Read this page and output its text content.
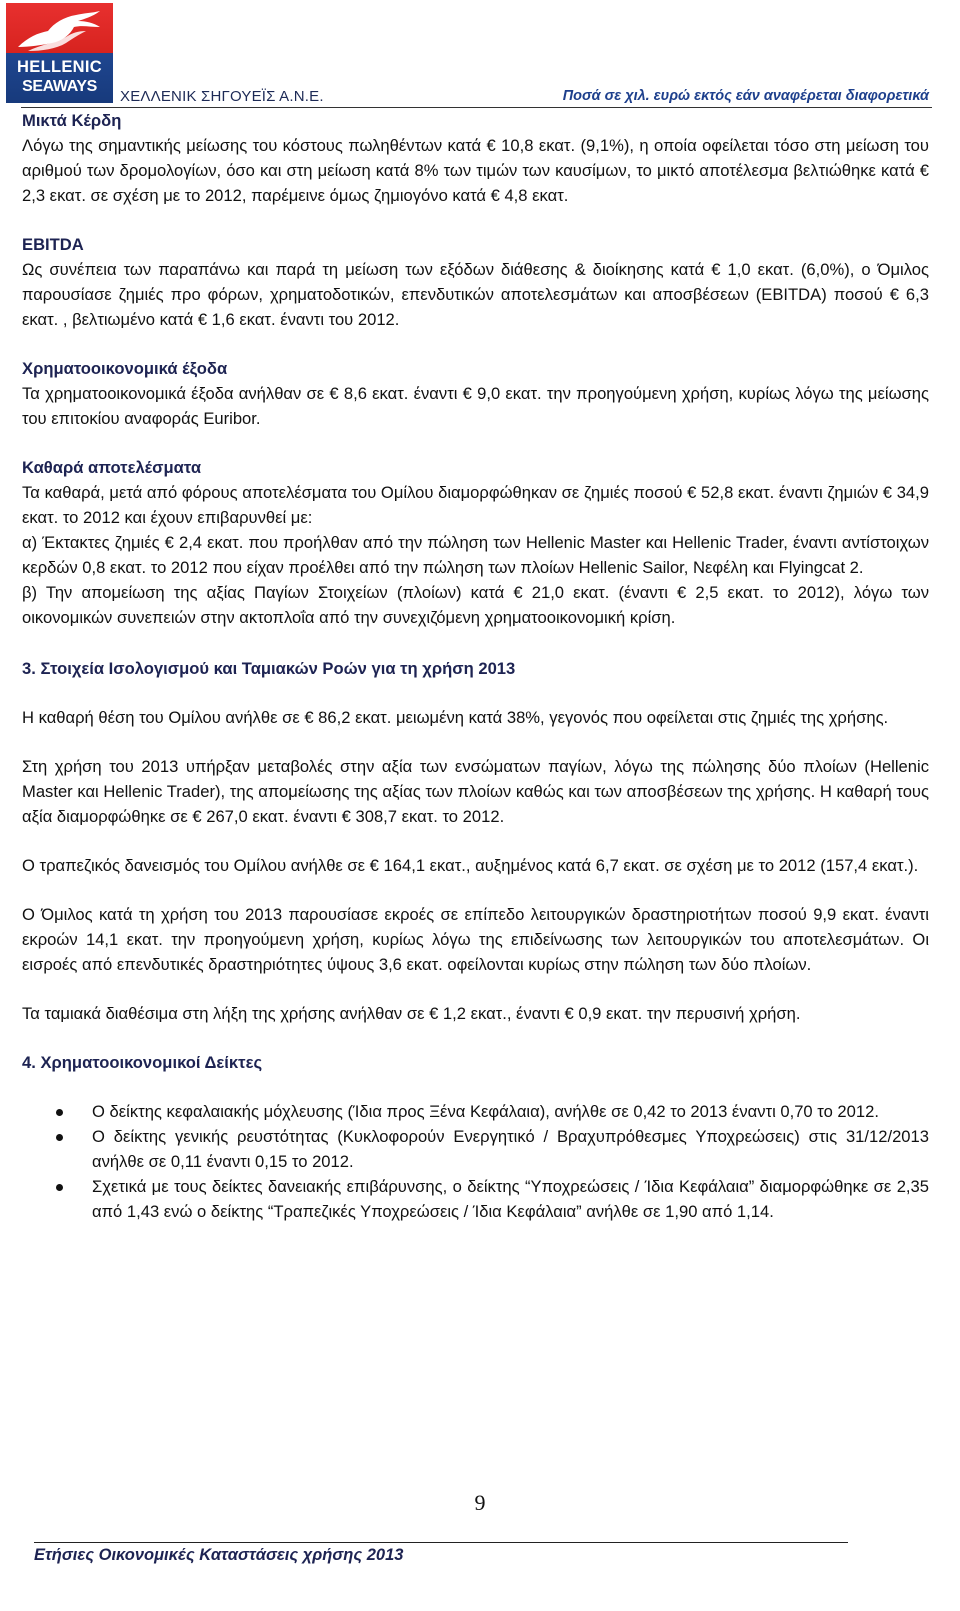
HELLENIC
SEAWAYS
ΧΕΛΛΕΝΙΚ ΣΗΓΟΥΕΪΣ Α.Ν.Ε.	Ποσά σε χιλ. ευρώ εκτός εάν αναφέρεται διαφορετικά

Μικτά Κέρδη

Λόγω της σημαντικής μείωσης του κόστους πωληθέντων κατά € 10,8 εκατ. (9,1%), η οποία οφείλεται τόσο στη μείωση του αριθμού των δρομολογίων, όσο και στη μείωση κατά 8% των τιμών των καυσίμων, το μικτό αποτέλεσμα βελτιώθηκε κατά € 2,3 εκατ. σε σχέση με το 2012, παρέμεινε όμως ζημιογόνο κατά € 4,8 εκατ.

EBITDA

Ως συνέπεια των παραπάνω και παρά τη μείωση των εξόδων διάθεσης & διοίκησης κατά € 1,0 εκατ. (6,0%), ο Όμιλος παρουσίασε ζημιές προ φόρων, χρηματοδοτικών, επενδυτικών αποτελεσμάτων και αποσβέσεων (EBITDA) ποσού € 6,3 εκατ. , βελτιωμένο κατά € 1,6 εκατ. έναντι του 2012.

Χρηματοοικονομικά έξοδα

Τα χρηματοοικονομικά έξοδα ανήλθαν σε € 8,6 εκατ. έναντι € 9,0 εκατ. την προηγούμενη χρήση, κυρίως λόγω της μείωσης του επιτοκίου αναφοράς Euribor.

Καθαρά αποτελέσματα

Τα καθαρά, μετά από φόρους αποτελέσματα του Ομίλου διαμορφώθηκαν σε ζημιές ποσού € 52,8 εκατ. έναντι ζημιών € 34,9 εκατ. το 2012 και έχουν επιβαρυνθεί με:

α) Έκτακτες ζημιές € 2,4 εκατ. που προήλθαν από την πώληση των Hellenic Master και Hellenic Trader, έναντι αντίστοιχων κερδών 0,8 εκατ. το 2012 που είχαν προέλθει από την πώληση των πλοίων Hellenic Sailor, Νεφέλη και Flyingcat 2.

β) Την απομείωση της αξίας Παγίων Στοιχείων (πλοίων) κατά € 21,0 εκατ. (έναντι € 2,5 εκατ. το 2012), λόγω των οικονομικών συνεπειών στην ακτοπλοΐα από την συνεχιζόμενη χρηματοοικονομική κρίση.

3. Στοιχεία Ισολογισμού και Ταμιακών Ροών για τη χρήση 2013

Η καθαρή θέση του Ομίλου ανήλθε σε € 86,2 εκατ. μειωμένη κατά 38%, γεγονός που οφείλεται στις ζημιές της χρήσης.

Στη χρήση του 2013 υπήρξαν μεταβολές στην αξία των ενσώματων παγίων, λόγω της πώλησης δύο πλοίων (Hellenic Master και Hellenic Trader), της απομείωσης της αξίας των πλοίων καθώς και των αποσβέσεων της χρήσης. Η καθαρή τους αξία διαμορφώθηκε σε € 267,0 εκατ. έναντι € 308,7 εκατ. το 2012.

Ο τραπεζικός δανεισμός του Ομίλου ανήλθε σε € 164,1 εκατ., αυξημένος κατά 6,7 εκατ. σε σχέση με το 2012 (157,4 εκατ.).

Ο Όμιλος κατά τη χρήση του 2013 παρουσίασε εκροές σε επίπεδο λειτουργικών δραστηριοτήτων ποσού 9,9 εκατ. έναντι εκροών 14,1 εκατ. την προηγούμενη χρήση, κυρίως λόγω της επιδείνωσης των λειτουργικών του αποτελεσμάτων. Οι εισροές από επενδυτικές δραστηριότητες ύψους 3,6 εκατ. οφείλονται κυρίως στην πώληση των δύο πλοίων.

Τα ταμιακά διαθέσιμα στη λήξη της χρήσης ανήλθαν σε € 1,2 εκατ., έναντι € 0,9 εκατ. την περυσινή χρήση.

4. Χρηματοοικονομικοί Δείκτες

Ο δείκτης κεφαλαιακής μόχλευσης (Ίδια προς Ξένα Κεφάλαια), ανήλθε σε 0,42 το 2013 έναντι 0,70 το 2012.
Ο δείκτης γενικής ρευστότητας (Κυκλοφορούν Ενεργητικό / Βραχυπρόθεσμες Υποχρεώσεις) στις 31/12/2013 ανήλθε σε 0,11 έναντι 0,15 το 2012.
Σχετικά με τους δείκτες δανειακής επιβάρυνσης, ο δείκτης “Υποχρεώσεις / Ίδια Κεφάλαια” διαμορφώθηκε σε 2,35 από 1,43 ενώ ο δείκτης “Τραπεζικές Υποχρεώσεις / Ίδια Κεφάλαια” ανήλθε σε 1,90 από 1,14.
9
Ετήσιες Οικονομικές Καταστάσεις χρήσης 2013
